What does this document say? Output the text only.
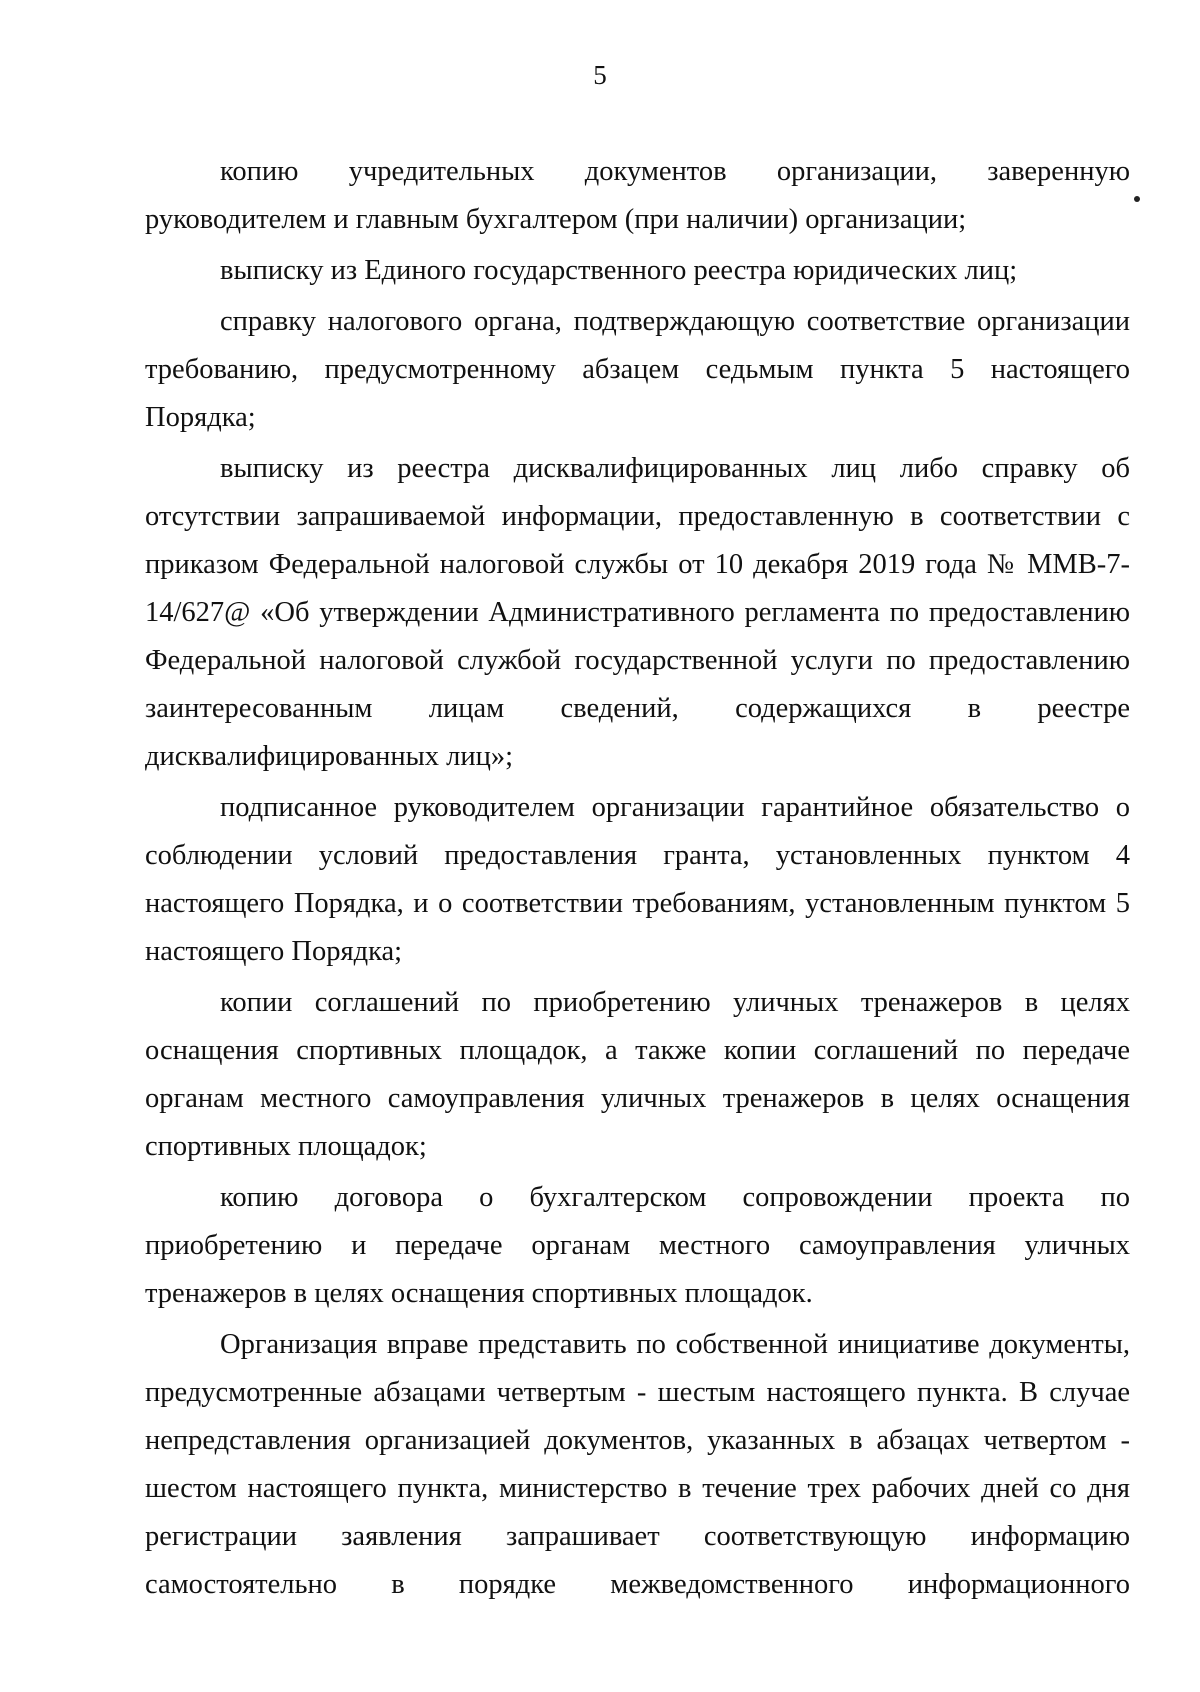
5

копию учредительных документов организации, заверенную руководителем и главным бухгалтером (при наличии) организации;

выписку из Единого государственного реестра юридических лиц;

справку налогового органа, подтверждающую соответствие организации требованию, предусмотренному абзацем седьмым пункта 5 настоящего Порядка;

выписку из реестра дисквалифицированных лиц либо справку об отсутствии запрашиваемой информации, предоставленную в соответствии с приказом Федеральной налоговой службы от 10 декабря 2019 года № ММВ-7-14/627@ «Об утверждении Административного регламента по предоставлению Федеральной налоговой службой государственной услуги по предоставлению заинтересованным лицам сведений, содержащихся в реестре дисквалифицированных лиц»;

подписанное руководителем организации гарантийное обязательство о соблюдении условий предоставления гранта, установленных пунктом 4 настоящего Порядка, и о соответствии требованиям, установленным пунктом 5 настоящего Порядка;

копии соглашений по приобретению уличных тренажеров в целях оснащения спортивных площадок, а также копии соглашений по передаче органам местного самоуправления уличных тренажеров в целях оснащения спортивных площадок;

копию договора о бухгалтерском сопровождении проекта по приобретению и передаче органам местного самоуправления уличных тренажеров в целях оснащения спортивных площадок.

Организация вправе представить по собственной инициативе документы, предусмотренные абзацами четвертым - шестым настоящего пункта. В случае непредставления организацией документов, указанных в абзацах четвертом - шестом настоящего пункта, министерство в течение трех рабочих дней со дня регистрации заявления запрашивает соответствующую информацию самостоятельно в порядке межведомственного информационного
